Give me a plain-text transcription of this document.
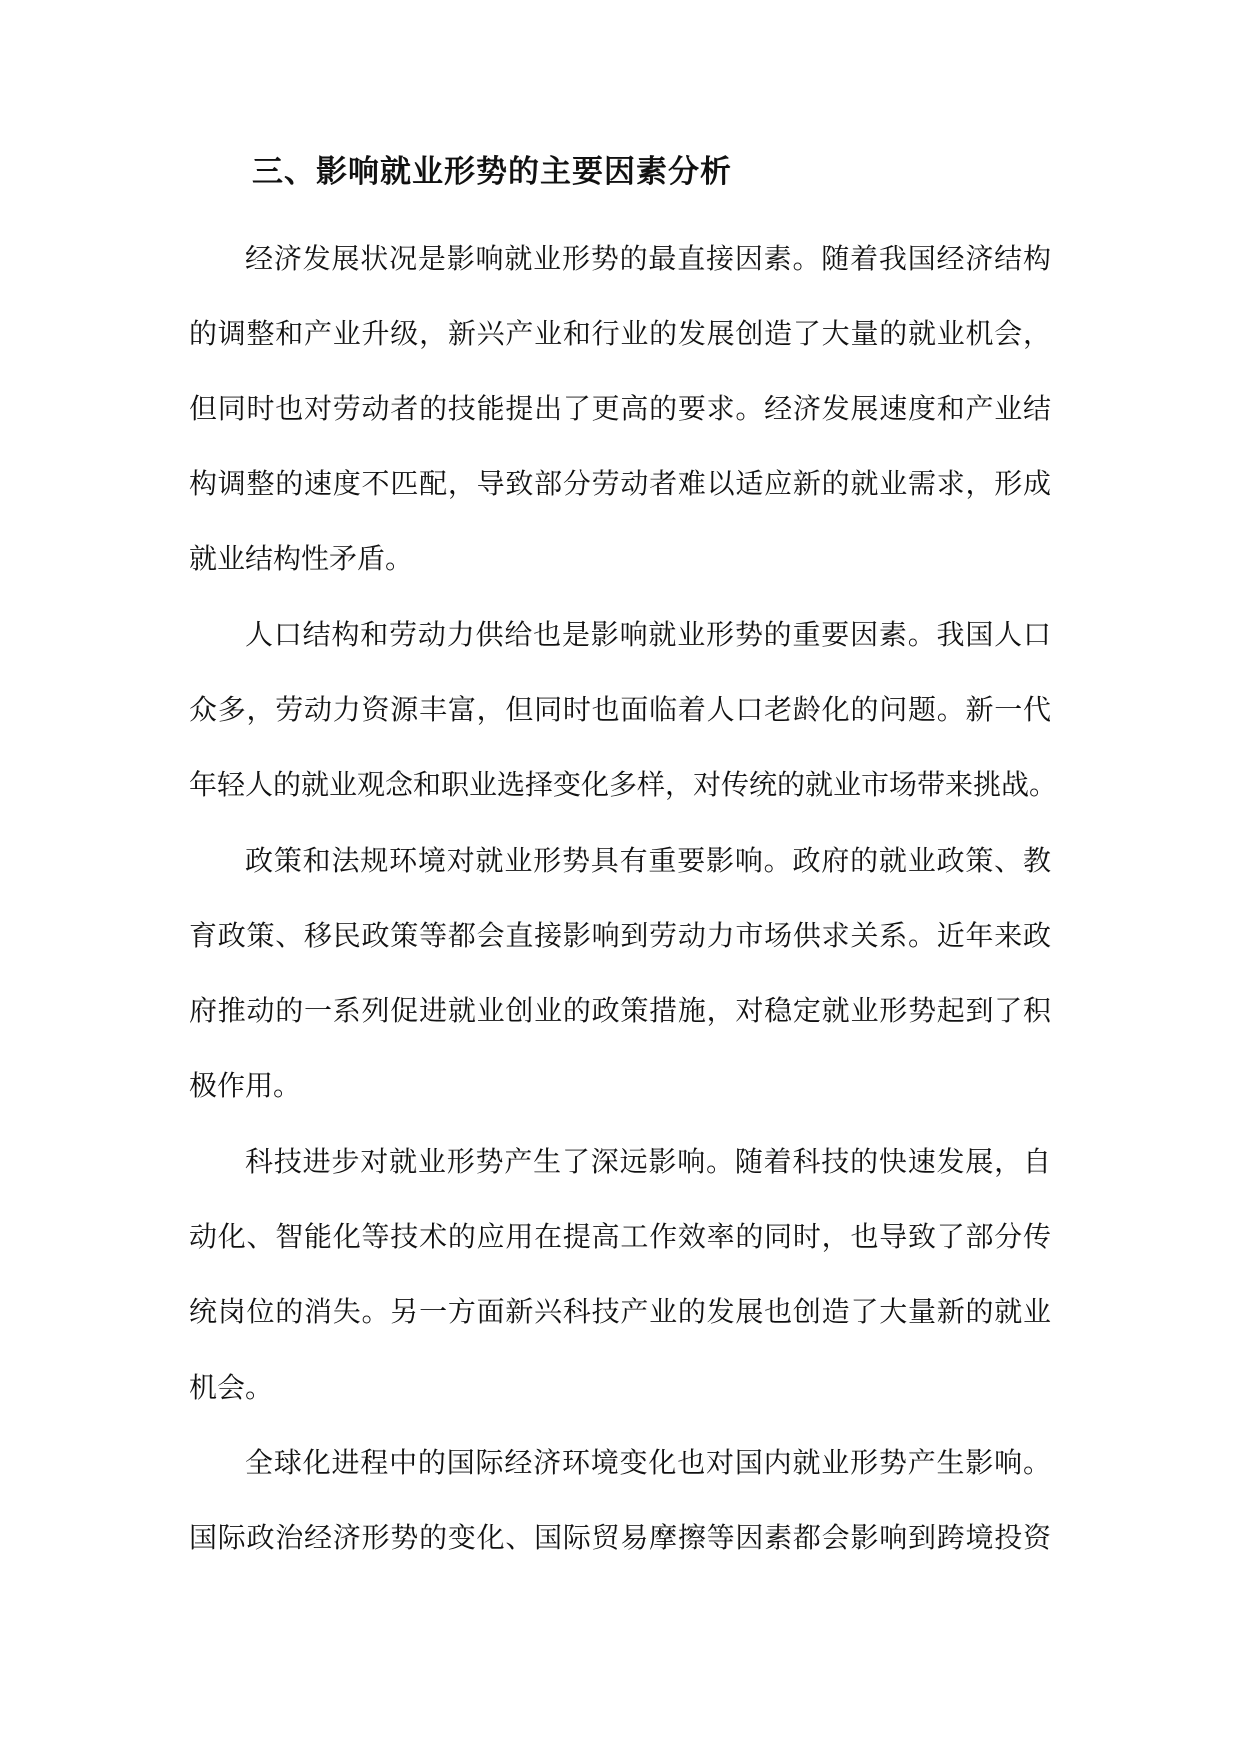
三、影响就业形势的主要因素分析
经济发展状况是影响就业形势的最直接因素。随着我国经济结构
的调整和产业升级，新兴产业和行业的发展创造了大量的就业机会，
但同时也对劳动者的技能提出了更高的要求。经济发展速度和产业结
构调整的速度不匹配，导致部分劳动者难以适应新的就业需求，形成
就业结构性矛盾。
人口结构和劳动力供给也是影响就业形势的重要因素。我国人口
众多，劳动力资源丰富，但同时也面临着人口老龄化的问题。新一代
年轻人的就业观念和职业选择变化多样，对传统的就业市场带来挑战。
政策和法规环境对就业形势具有重要影响。政府的就业政策、教
育政策、移民政策等都会直接影响到劳动力市场供求关系。近年来政
府推动的一系列促进就业创业的政策措施，对稳定就业形势起到了积
极作用。
科技进步对就业形势产生了深远影响。随着科技的快速发展，自
动化、智能化等技术的应用在提高工作效率的同时，也导致了部分传
统岗位的消失。另一方面新兴科技产业的发展也创造了大量新的就业
机会。
全球化进程中的国际经济环境变化也对国内就业形势产生影响。
国际政治经济形势的变化、国际贸易摩擦等因素都会影响到跨境投资
